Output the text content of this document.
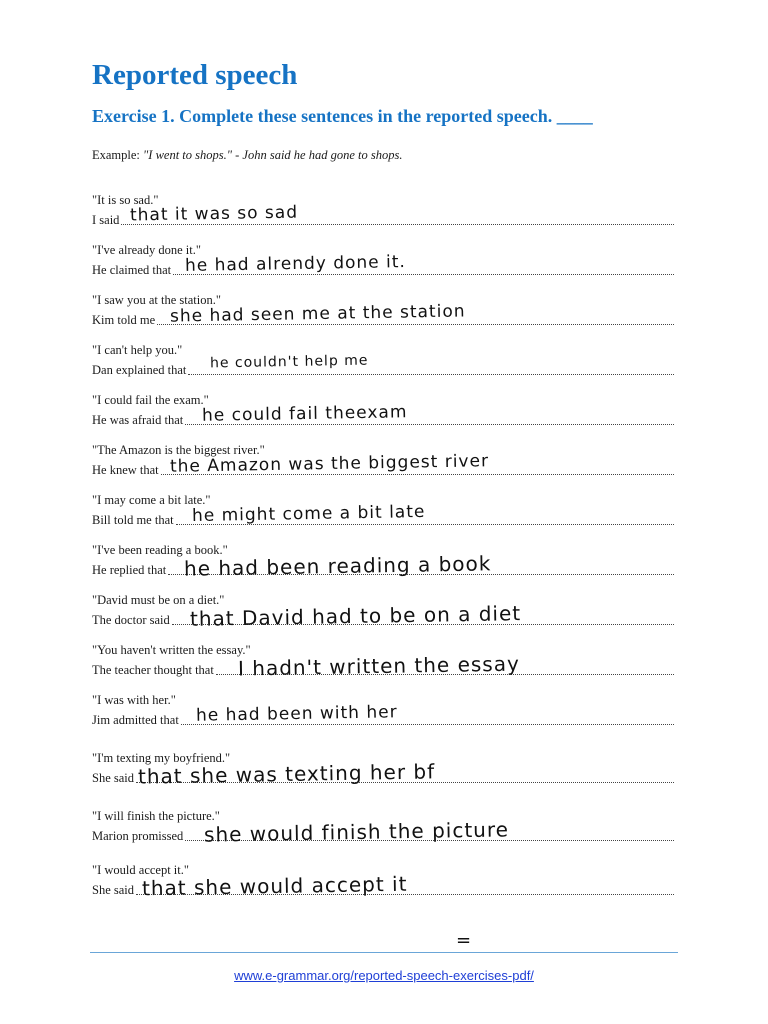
Reported speech
Exercise 1. Complete these sentences in the reported speech. ____
Example: "I went to shops." - John said he had gone to shops.
"It is so sad."
I said that it was so sad
"I've already done it."
He claimed that he had alrendy done it.
"I saw you at the station."
Kim told me she had seen me at the station
"I can't help you."
Dan explained that he couldn't help me
"I could fail the exam."
He was afraid that he could fail theexam
"The Amazon is the biggest river."
He knew that the Amazon was the biggest river
"I may come a bit late."
Bill told me that he might come a bit late
"I've been reading a book."
He replied that he had been reading a book
"David must be on a diet."
The doctor said that David had to be on a diet
"You haven't written the essay."
The teacher thought that I hadn't written the essay
"I was with her."
Jim admitted that he had been with her
"I'm texting my boyfriend."
She said that she was texting her bf
"I will finish the picture."
Marion promissed she would finish the picture
"I would accept it."
She said that she would accept it
=
www.e-grammar.org/reported-speech-exercises-pdf/
